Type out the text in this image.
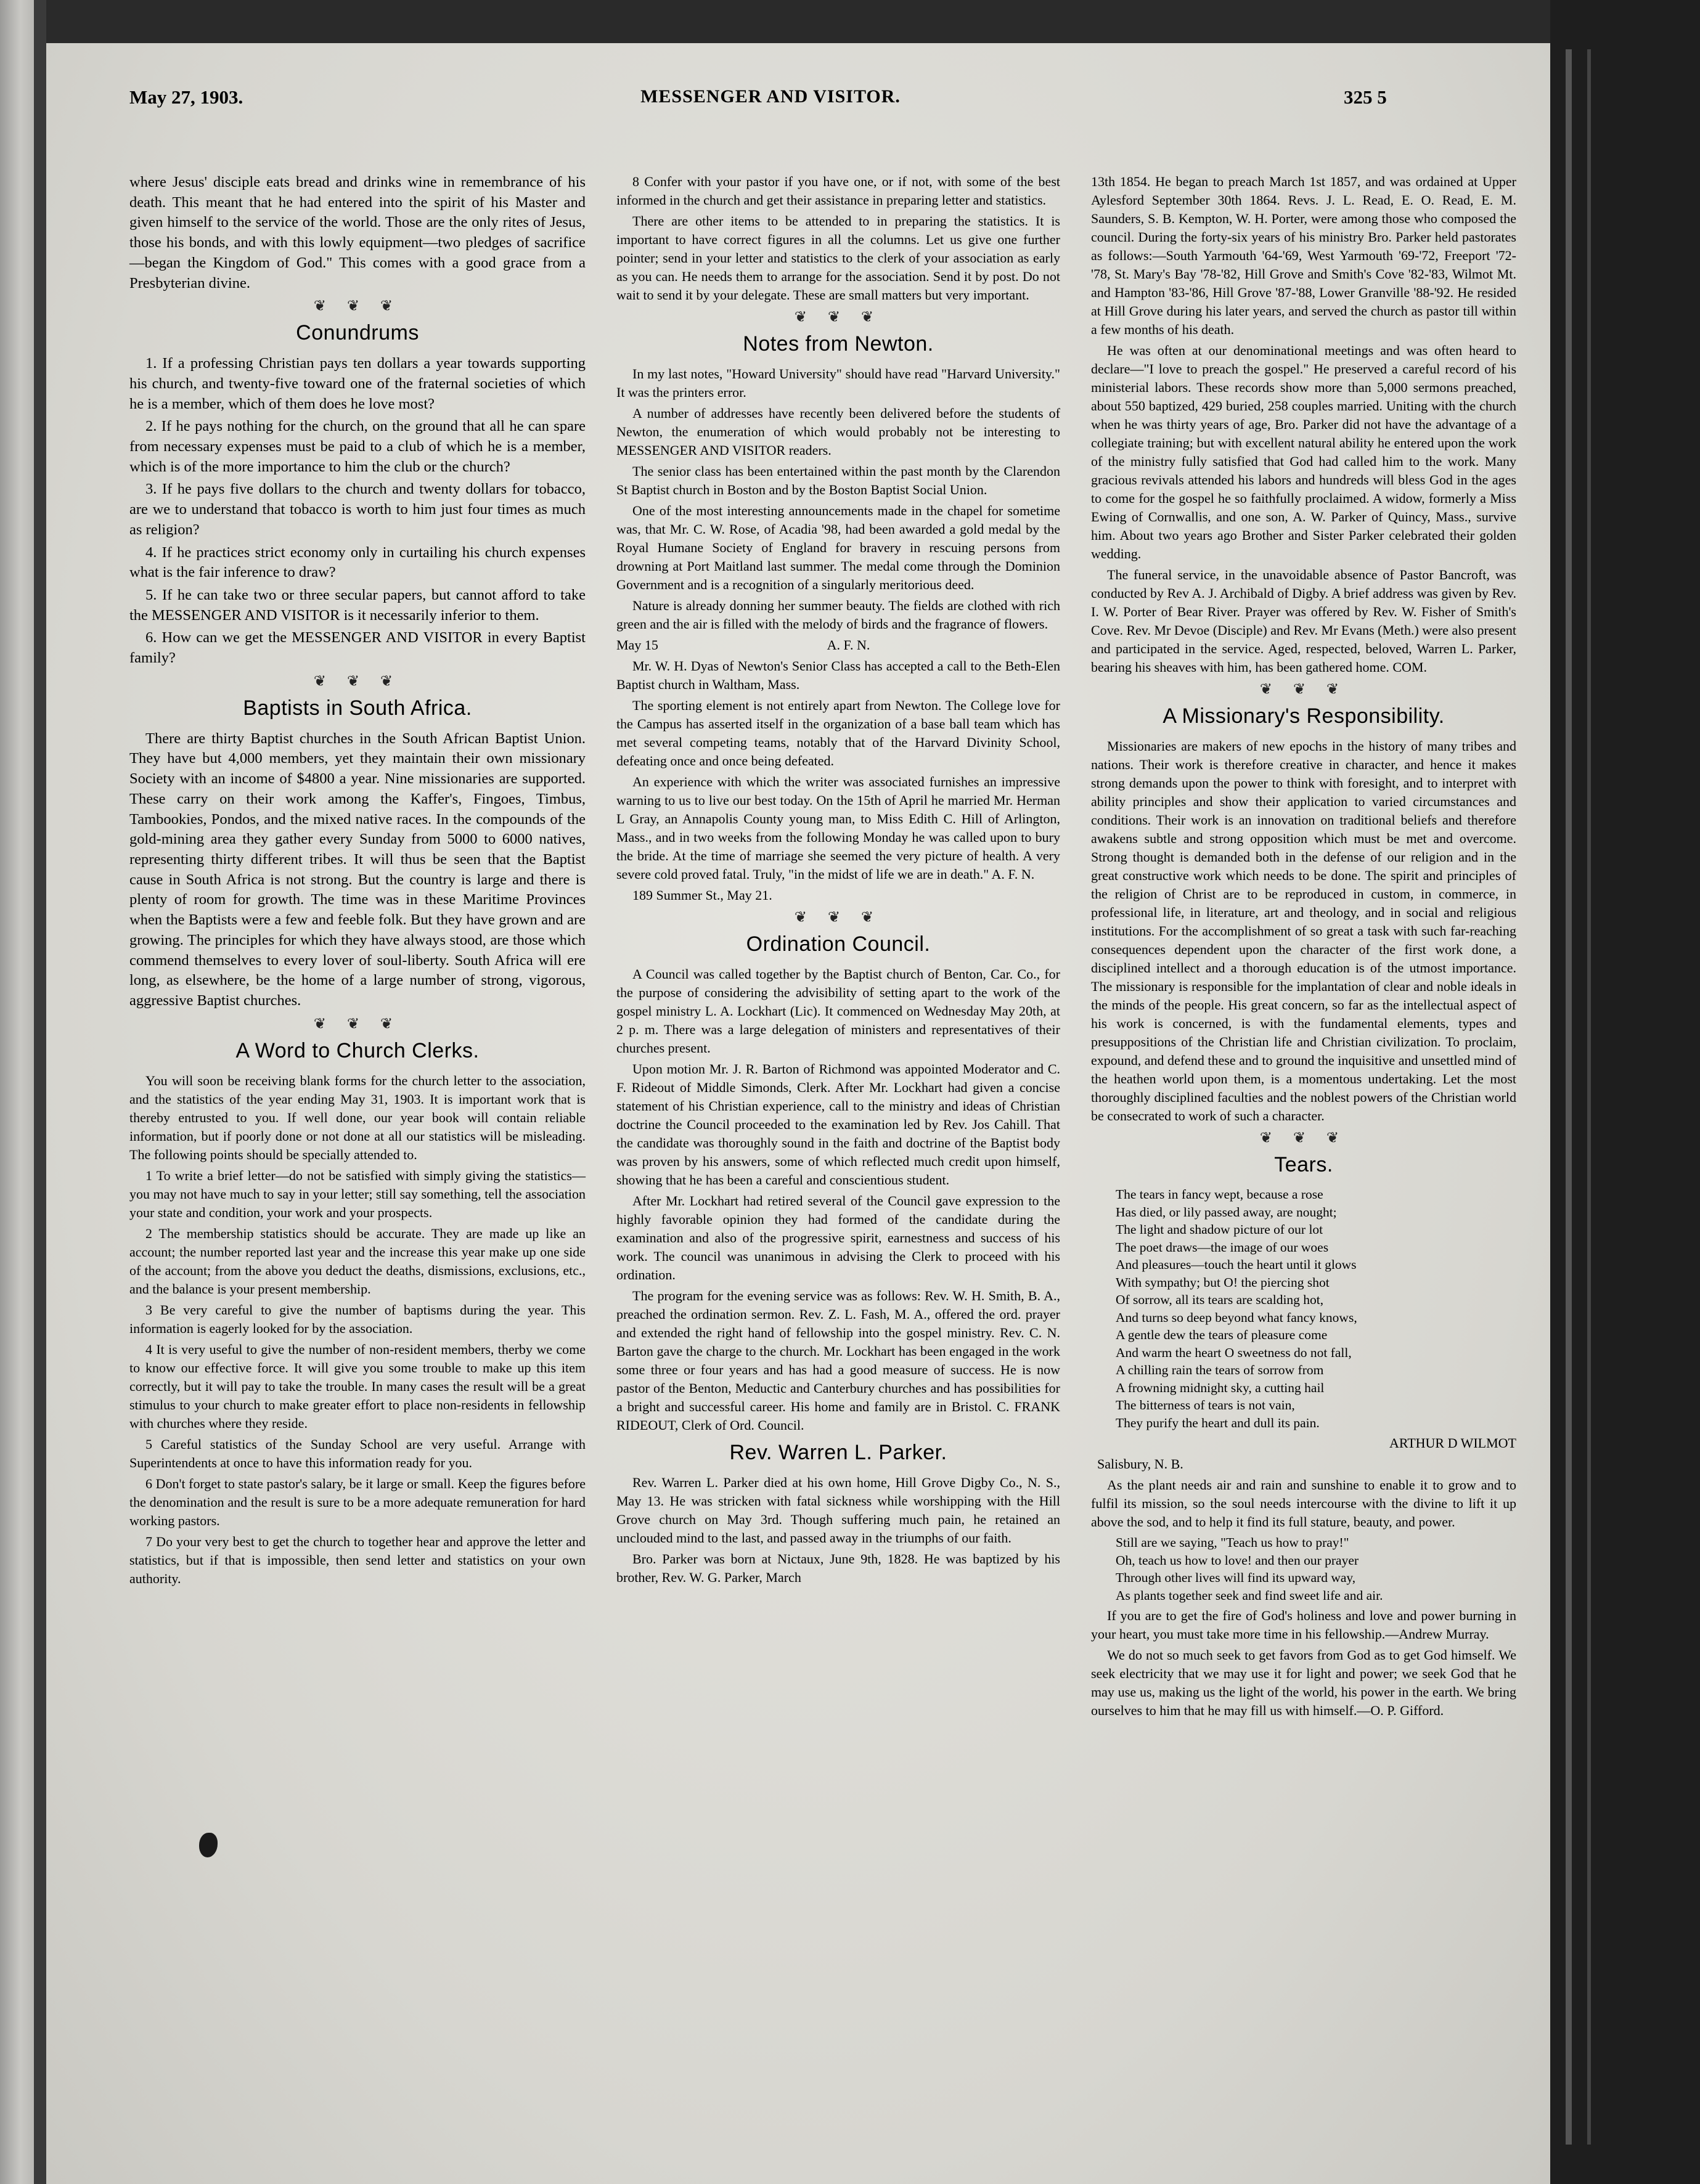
May 27, 1903.	MESSENGER AND VISITOR.	325 5

where Jesus' disciple eats bread and drinks wine in remembrance of his death. This meant that he had entered into the spirit of his Master and given himself to the service of the world. Those are the only rites of Jesus, those his bonds, and with this lowly equipment—two pledges of sacrifice—began the Kingdom of God." This comes with a good grace from a Presbyterian divine.

❦ ❦ ❦
Conundrums

1. If a professing Christian pays ten dollars a year towards supporting his church, and twenty-five toward one of the fraternal societies of which he is a member, which of them does he love most?

2. If he pays nothing for the church, on the ground that all he can spare from necessary expenses must be paid to a club of which he is a member, which is of the more importance to him the club or the church?

3. If he pays five dollars to the church and twenty dollars for tobacco, are we to understand that tobacco is worth to him just four times as much as religion?

4. If he practices strict economy only in curtailing his church expenses what is the fair inference to draw?

5. If he can take two or three secular papers, but cannot afford to take the MESSENGER AND VISITOR is it necessarily inferior to them.

6. How can we get the MESSENGER AND VISITOR in every Baptist family?

❦ ❦ ❦
Baptists in South Africa.

There are thirty Baptist churches in the South African Baptist Union. They have but 4,000 members, yet they maintain their own missionary Society with an income of $4800 a year. Nine missionaries are supported. These carry on their work among the Kaffer's, Fingoes, Timbus, Tambookies, Pondos, and the mixed native races. In the compounds of the gold-mining area they gather every Sunday from 5000 to 6000 natives, representing thirty different tribes. It will thus be seen that the Baptist cause in South Africa is not strong. But the country is large and there is plenty of room for growth. The time was in these Maritime Provinces when the Baptists were a few and feeble folk. But they have grown and are growing. The principles for which they have always stood, are those which commend themselves to every lover of soul-liberty. South Africa will ere long, as elsewhere, be the home of a large number of strong, vigorous, aggressive Baptist churches.

❦ ❦ ❦
A Word to Church Clerks.

You will soon be receiving blank forms for the church letter to the association, and the statistics of the year ending May 31, 1903. It is important work that is thereby entrusted to you. If well done, our year book will contain reliable information, but if poorly done or not done at all our statistics will be misleading. The following points should be specially attended to.

1 To write a brief letter—do not be satisfied with simply giving the statistics—you may not have much to say in your letter; still say something, tell the association your state and condition, your work and your prospects.

2 The membership statistics should be accurate. They are made up like an account; the number reported last year and the increase this year make up one side of the account; from the above you deduct the deaths, dismissions, exclusions, etc., and the balance is your present membership.

3 Be very careful to give the number of baptisms during the year. This information is eagerly looked for by the association.

4 It is very useful to give the number of non-resident members, therby we come to know our effective force. It will give you some trouble to make up this item correctly, but it will pay to take the trouble. In many cases the result will be a great stimulus to your church to make greater effort to place non-residents in fellowship with churches where they reside.

5 Careful statistics of the Sunday School are very useful. Arrange with Superintendents at once to have this information ready for you.

6 Don't forget to state pastor's salary, be it large or small. Keep the figures before the denomination and the result is sure to be a more adequate remuneration for hard working pastors.

7 Do your very best to get the church to together hear and approve the letter and statistics, but if that is impossible, then send letter and statistics on your own authority.

8 Confer with your pastor if you have one, or if not, with some of the best informed in the church and get their assistance in preparing letter and statistics.

There are other items to be attended to in preparing the statistics. It is important to have correct figures in all the columns. Let us give one further pointer; send in your letter and statistics to the clerk of your association as early as you can. He needs them to arrange for the association. Send it by post. Do not wait to send it by your delegate. These are small matters but very important.

❦ ❦ ❦
Notes from Newton.

In my last notes, "Howard University" should have read "Harvard University." It was the printers error.

A number of addresses have recently been delivered before the students of Newton, the enumeration of which would probably not be interesting to MESSENGER AND VISITOR readers.

The senior class has been entertained within the past month by the Clarendon St Baptist church in Boston and by the Boston Baptist Social Union.

One of the most interesting announcements made in the chapel for sometime was, that Mr. C. W. Rose, of Acadia '98, had been awarded a gold medal by the Royal Humane Society of England for bravery in rescuing persons from drowning at Port Maitland last summer. The medal come through the Dominion Government and is a recognition of a singularly meritorious deed.

Nature is already donning her summer beauty. The fields are clothed with rich green and the air is filled with the melody of birds and the fragrance of flowers.

May 15                                                  A. F. N.

Mr. W. H. Dyas of Newton's Senior Class has accepted a call to the Beth-Elen Baptist church in Waltham, Mass.

The sporting element is not entirely apart from Newton. The College love for the Campus has asserted itself in the organization of a base ball team which has met several competing teams, notably that of the Harvard Divinity School, defeating once and once being defeated.

An experience with which the writer was associated furnishes an impressive warning to us to live our best today. On the 15th of April he married Mr. Herman L Gray, an Annapolis County young man, to Miss Edith C. Hill of Arlington, Mass., and in two weeks from the following Monday he was called upon to bury the bride. At the time of marriage she seemed the very picture of health. A very severe cold proved fatal. Truly, "in the midst of life we are in death." A. F. N.

189 Summer St., May 21.

❦ ❦ ❦
Ordination Council.

A Council was called together by the Baptist church of Benton, Car. Co., for the purpose of considering the advisibility of setting apart to the work of the gospel ministry L. A. Lockhart (Lic). It commenced on Wednesday May 20th, at 2 p. m. There was a large delegation of ministers and representatives of their churches present.

Upon motion Mr. J. R. Barton of Richmond was appointed Moderator and C. F. Rideout of Middle Simonds, Clerk. After Mr. Lockhart had given a concise statement of his Christian experience, call to the ministry and ideas of Christian doctrine the Council proceeded to the examination led by Rev. Jos Cahill. That the candidate was thoroughly sound in the faith and doctrine of the Baptist body was proven by his answers, some of which reflected much credit upon himself, showing that he has been a careful and conscientious student.

After Mr. Lockhart had retired several of the Council gave expression to the highly favorable opinion they had formed of the candidate during the examination and also of the progressive spirit, earnestness and success of his work. The council was unanimous in advising the Clerk to proceed with his ordination.

The program for the evening service was as follows: Rev. W. H. Smith, B. A., preached the ordination sermon. Rev. Z. L. Fash, M. A., offered the ord. prayer and extended the right hand of fellowship into the gospel ministry. Rev. C. N. Barton gave the charge to the church. Mr. Lockhart has been engaged in the work some three or four years and has had a good measure of success. He is now pastor of the Benton, Meductic and Canterbury churches and has possibilities for a bright and successful career. His home and family are in Bristol. C. FRANK RIDEOUT, Clerk of Ord. Council.

Rev. Warren L. Parker.

Rev. Warren L. Parker died at his own home, Hill Grove Digby Co., N. S., May 13. He was stricken with fatal sickness while worshipping with the Hill Grove church on May 3rd. Though suffering much pain, he retained an unclouded mind to the last, and passed away in the triumphs of our faith.

Bro. Parker was born at Nictaux, June 9th, 1828. He was baptized by his brother, Rev. W. G. Parker, March

13th 1854. He began to preach March 1st 1857, and was ordained at Upper Aylesford September 30th 1864. Revs. J. L. Read, E. O. Read, E. M. Saunders, S. B. Kempton, W. H. Porter, were among those who composed the council. During the forty-six years of his ministry Bro. Parker held pastorates as follows:—South Yarmouth '64-'69, West Yarmouth '69-'72, Freeport '72-'78, St. Mary's Bay '78-'82, Hill Grove and Smith's Cove '82-'83, Wilmot Mt. and Hampton '83-'86, Hill Grove '87-'88, Lower Granville '88-'92. He resided at Hill Grove during his later years, and served the church as pastor till within a few months of his death.

He was often at our denominational meetings and was often heard to declare—"I love to preach the gospel." He preserved a careful record of his ministerial labors. These records show more than 5,000 sermons preached, about 550 baptized, 429 buried, 258 couples married. Uniting with the church when he was thirty years of age, Bro. Parker did not have the advantage of a collegiate training; but with excellent natural ability he entered upon the work of the ministry fully satisfied that God had called him to the work. Many gracious revivals attended his labors and hundreds will bless God in the ages to come for the gospel he so faithfully proclaimed. A widow, formerly a Miss Ewing of Cornwallis, and one son, A. W. Parker of Quincy, Mass., survive him. About two years ago Brother and Sister Parker celebrated their golden wedding.

The funeral service, in the unavoidable absence of Pastor Bancroft, was conducted by Rev A. J. Archibald of Digby. A brief address was given by Rev. I. W. Porter of Bear River. Prayer was offered by Rev. W. Fisher of Smith's Cove. Rev. Mr Devoe (Disciple) and Rev. Mr Evans (Meth.) were also present and participated in the service. Aged, respected, beloved, Warren L. Parker, bearing his sheaves with him, has been gathered home. COM.

❦ ❦ ❦
A Missionary's Responsibility.

Missionaries are makers of new epochs in the history of many tribes and nations. Their work is therefore creative in character, and hence it makes strong demands upon the power to think with foresight, and to interpret with ability principles and show their application to varied circumstances and conditions. Their work is an innovation on traditional beliefs and therefore awakens subtle and strong opposition which must be met and overcome. Strong thought is demanded both in the defense of our religion and in the great constructive work which needs to be done. The spirit and principles of the religion of Christ are to be reproduced in custom, in commerce, in professional life, in literature, art and theology, and in social and religious institutions. For the accomplishment of so great a task with such far-reaching consequences dependent upon the character of the first work done, a disciplined intellect and a thorough education is of the utmost importance. The missionary is responsible for the implantation of clear and noble ideals in the minds of the people. His great concern, so far as the intellectual aspect of his work is concerned, is with the fundamental elements, types and presuppositions of the Christian life and Christian civilization. To proclaim, expound, and defend these and to ground the inquisitive and unsettled mind of the heathen world upon them, is a momentous undertaking. Let the most thoroughly disciplined faculties and the noblest powers of the Christian world be consecrated to work of such a character.

❦ ❦ ❦
Tears.

The tears in fancy wept, because a rose
Has died, or lily passed away, are nought;
The light and shadow picture of our lot
The poet draws—the image of our woes
And pleasures—touch the heart until it glows
With sympathy; but O! the piercing shot
Of sorrow, all its tears are scalding hot,
And turns so deep beyond what fancy knows,
A gentle dew the tears of pleasure come
And warm the heart O sweetness do not fall,
A chilling rain the tears of sorrow from
A frowning midnight sky, a cutting hail
The bitterness of tears is not vain,
They purify the heart and dull its pain.

ARTHUR D WILMOT

Salisbury, N. B.

As the plant needs air and rain and sunshine to enable it to grow and to fulfil its mission, so the soul needs intercourse with the divine to lift it up above the sod, and to help it find its full stature, beauty, and power.

Still are we saying, "Teach us how to pray!"
Oh, teach us how to love! and then our prayer
Through other lives will find its upward way,
As plants together seek and find sweet life and air.

If you are to get the fire of God's holiness and love and power burning in your heart, you must take more time in his fellowship.—Andrew Murray.

We do not so much seek to get favors from God as to get God himself. We seek electricity that we may use it for light and power; we seek God that he may use us, making us the light of the world, his power in the earth. We bring ourselves to him that he may fill us with himself.—O. P. Gifford.
